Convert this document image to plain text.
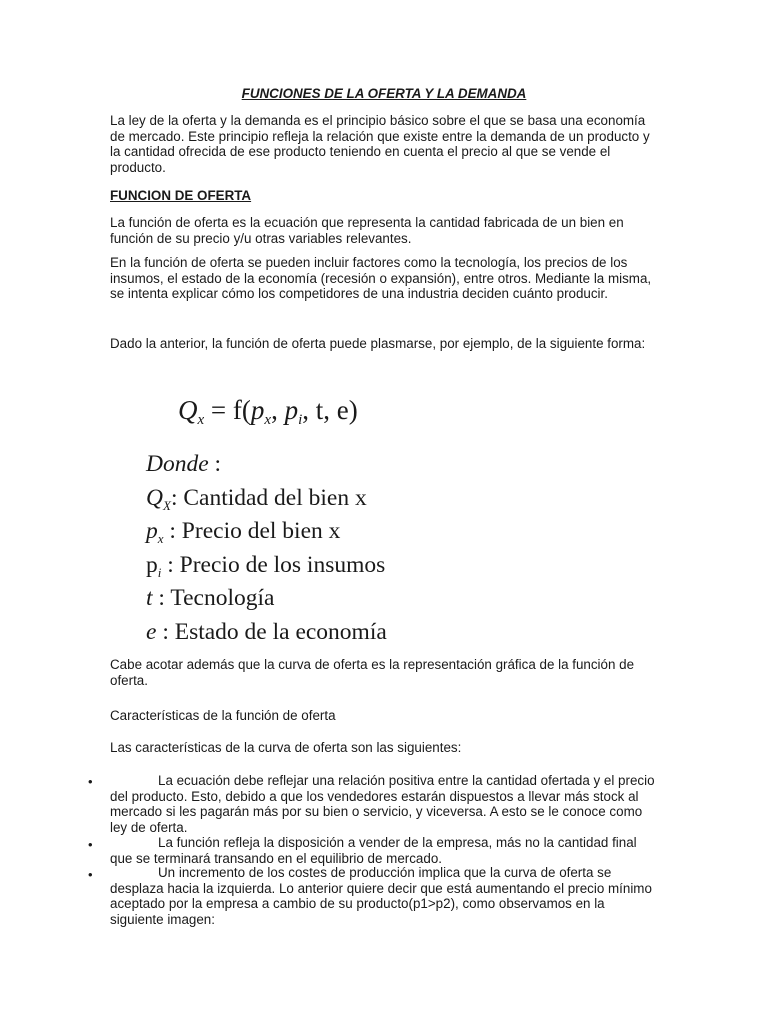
FUNCIONES DE LA OFERTA Y LA DEMANDA
La ley de la oferta y la demanda es el principio básico sobre el que se basa una economía de mercado. Este principio refleja la relación que existe entre la demanda de un producto y la cantidad ofrecida de ese producto teniendo en cuenta el precio al que se vende el producto.
FUNCION DE OFERTA
La función de oferta es la ecuación que representa la cantidad fabricada de un bien en función de su precio y/u otras variables relevantes.
En la función de oferta se pueden incluir factores como la tecnología, los precios de los insumos, el estado de la economía (recesión o expansión), entre otros. Mediante la misma, se intenta explicar cómo los competidores de una industria deciden cuánto producir.
Dado la anterior, la función de oferta puede plasmarse, por ejemplo, de la siguiente forma:
$Q_x = f(p_x$, $p_i$, t, e)
Donde :
$Q_X$: Cantidad del bien x
$p_x$ : Precio del bien x
$p_i$ : Precio de los insumos
t : Tecnología
e : Estado de la economía
Cabe acotar además que la curva de oferta es la representación gráfica de la función de oferta.
Características de la función de oferta
Las características de la curva de oferta son las siguientes:
•	La ecuación debe reflejar una relación positiva entre la cantidad ofertada y el precio del producto. Esto, debido a que los vendedores estarán dispuestos a llevar más stock al mercado si les pagarán más por su bien o servicio, y viceversa. A esto se le conoce como ley de oferta.
•	La función refleja la disposición a vender de la empresa, más no la cantidad final que se terminará transando en el equilibrio de mercado.
•	Un incremento de los costes de producción implica que la curva de oferta se desplaza hacia la izquierda. Lo anterior quiere decir que está aumentando el precio mínimo aceptado por la empresa a cambio de su producto(p1>p2), como observamos en la siguiente imagen:
